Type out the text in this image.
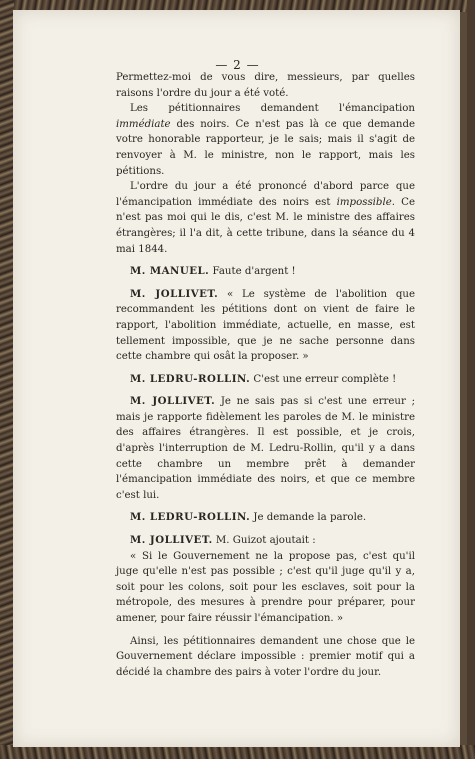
— 2 —

Permettez-moi de vous dire, messieurs, par quelles raisons l'ordre du jour a été voté.

Les pétitionnaires demandent l'émancipation immédiate des noirs. Ce n'est pas là ce que demande votre honorable rapporteur, je le sais; mais il s'agit de renvoyer à M. le ministre, non le rapport, mais les pétitions.

L'ordre du jour a été prononcé d'abord parce que l'émancipation immédiate des noirs est impossible. Ce n'est pas moi qui le dis, c'est M. le ministre des affaires étrangères; il l'a dit, à cette tribune, dans la séance du 4 mai 1844.

M. MANUEL. Faute d'argent !

M. JOLLIVET. « Le système de l'abolition que recommandent les pétitions dont on vient de faire le rapport, l'abolition immédiate, actuelle, en masse, est tellement impossible, que je ne sache personne dans cette chambre qui osât la proposer. »

M. LEDRU-ROLLIN. C'est une erreur complète !

M. JOLLIVET. Je ne sais pas si c'est une erreur ; mais je rapporte fidèlement les paroles de M. le ministre des affaires étrangères. Il est possible, et je crois, d'après l'interruption de M. Ledru-Rollin, qu'il y a dans cette chambre un membre prêt à demander l'émancipation immédiate des noirs, et que ce membre c'est lui.

M. LEDRU-ROLLIN. Je demande la parole.

M. JOLLIVET. M. Guizot ajoutait :

« Si le Gouvernement ne la propose pas, c'est qu'il juge qu'elle n'est pas possible ; c'est qu'il juge qu'il y a, soit pour les colons, soit pour les esclaves, soit pour la métropole, des mesures à prendre pour préparer, pour amener, pour faire réussir l'émancipation. »

Ainsi, les pétitionnaires demandent une chose que le Gouvernement déclare impossible : premier motif qui a décidé la chambre des pairs à voter l'ordre du jour.
